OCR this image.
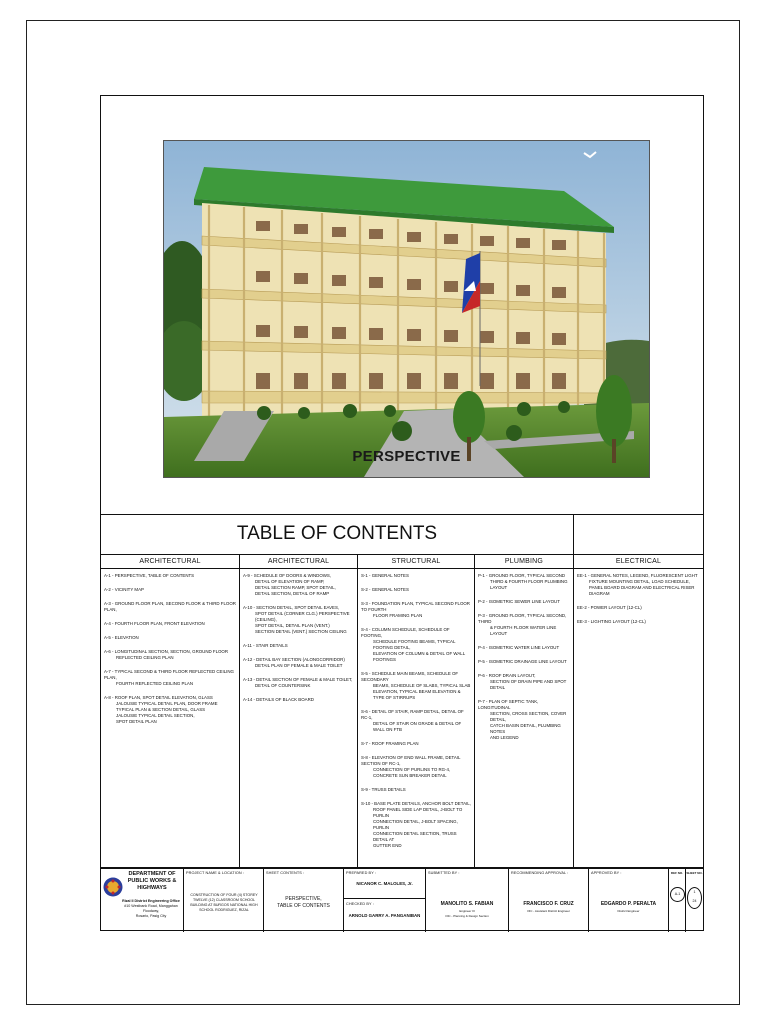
PERSPECTIVE
TABLE OF CONTENTS
ARCHITECTURAL
A-1 - PERSPECTIVE, TABLE OF CONTENTS
A-2 - VICINITY MAP
A-3 - GROUND FLOOR PLAN, SECOND FLOOR & THIRD FLOOR PLAN,
A-4 - FOURTH FLOOR PLAN, FRONT ELEVATION
A-5 - ELEVATION
A-6 - LONGITUDINAL SECTION, SECTION, GROUND FLOOR
REFLECTED CEILING PLAN
A-7 - TYPICAL SECOND & THIRD FLOOR REFLECTED CEILING PLAN,
FOURTH REFLECTED CEILING PLAN
A-8 - ROOF PLAN, SPOT DETAIL ELEVATION, GLASS
JALOUSIE TYPICAL DETAIL PLAN, DOOR FRAME
TYPICAL PLAN & SECTION DETAIL, GLASS
JALOUSIE TYPICAL DETAIL SECTION,
SPOT DETAIL PLAN
ARCHITECTURAL
A-9 - SCHEDULE OF DOORS & WINDOWS,
DETAIL OF ELEVATION OF RAMP,
DETAIL SECTION RAMP, SPOT DETAIL,
DETAIL SECTION, DETAIL OF RAMP
A-10 - SECTION DETAIL, SPOT DETAIL EAVES,
SPOT DETAIL (CORNER CLG.) PERSPECTIVE (CEILING),
SPOT DETAIL, DETAIL PLAN (VENT.)
SECTION DETAIL (VENT.) SECTION CEILING
A-11 - STAIR DETAILS
A-12 - DETAIL BAY SECTION (ALONGCORRIDOR)
DETAIL PLAN OF FEMALE & MALE TOILET
A-13 - DETAIL SECTION OF FEMALE & MALE TOILET,
DETAIL OF COUNTERSINK
A-14 - DETAILS OF BLACK BOARD
STRUCTURAL
S-1 - GENERAL NOTES
S-2 - GENERAL NOTES
S-3 - FOUNDATION PLAN, TYPICAL SECOND FLOOR TO FOURTH
FLOOR FRAMING PLAN
S-4 - COLUMN SCHEDULE, SCHEDULE OF FOOTING,
SCHEDULE FOOTING BEAMS, TYPICAL FOOTING DETAIL,
ELEVATION OF COLUMN & DETAIL OF WALL FOOTINGS
S-5 - SCHEDULE MAIN BEAMS, SCHEDULE OF SECONDARY
BEAMS, SCHEDULE OF SLABS, TYPICAL SLAB
ELEVATION, TYPICAL BEAM ELEVATION & TYPE OF STIRRUPS
S-6 - DETAIL OF STAIR, RAMP DETAIL, DETAIL OF RC-1,
DETAIL OF STAIR ON GRADE & DETAIL OF WALL ON FTB
S-7 - ROOF FRAMING PLAN
S-8 - ELEVATION OF END WALL FRAME, DETAIL SECTION OF RC-1,
CONNECTION OF PURLINS TO RG-4,
CONCRETE SUN BREAKER DETAIL
S-9 - TRUSS DETAILS
S-10 - BASE PLATE DETAILS, ANCHOR BOLT DETAIL,
ROOF PANEL SIDE LAP DETAIL, J-BOLT TO PURLIN
CONNECTION DETAIL, J-BOLT SPACING, PURLIN
CONNECTION DETAIL SECTION, TRUSS DETAIL AT
GUTTER END
PLUMBING
P-1 - GROUND FLOOR, TYPICAL SECOND
THIRD & FOURTH FLOOR PLUMBING LAYOUT
P-2 - ISOMETRIC SEWER LINE LAYOUT
P-3 - GROUND FLOOR, TYPICAL SECOND, THIRD
& FOURTH FLOOR WATER LINE LAYOUT
P-4 - ISOMETRIC WATER LINE LAYOUT
P-5 - ISOMETRIC DRAINAGE LINE LAYOUT
P-6 - ROOF DRAIN LAYOUT,
SECTION OF DRAIN PIPE AND SPOT DETAIL
P-7 - PLAN OF SEPTIC TANK, LONGITUDINAL
SECTION, CROSS SECTION, COVER DETAIL,
CATCH BASIN DETAIL, PLUMBING NOTES
AND LEGEND
ELECTRICAL
EE-1 - GENERAL NOTES, LEGEND, FLUORESCENT LIGHT
FIXTURE MOUNTING DETAIL, LOAD SCHEDULE,
PANEL BOARD DIAGRAM AND ELECTRICAL RISER
DIAGRAM
EE-2 - POWER LAYOUT (12-CL)
EE-3 - LIGHTING LAYOUT (12-CL)
DEPARTMENT OF
PUBLIC WORKS & HIGHWAYS
Rizal II District Engineering Office
#10 Westbank Road, Manggahan Floodway,
Rosario, Pasig City
PROJECT NAME & LOCATION :
CONSTRUCTION OF FOUR (4) STOREY TWELVE (12) CLASSROOM SCHOOL BUILDING AT BURGOS NATIONAL HIGH SCHOOL RODRIGUEZ, RIZAL
SHEET CONTENTS :
PERSPECTIVE,
TABLE OF CONTENTS
PREPARED BY :
NICANOR C. MALOLES, Jr.
CHECKED BY :
ARNOLD GARRY A. PANGANIBAN
SUBMITTED BY :
MANOLITO S. FABIAN
Engineer III
OIC - Planning & Design Section
RECOMMENDING APPROVAL :
FRANCISCO F. CRUZ
OIC - Assistant District Engineer
APPROVED BY :
EDGARDO P. PERALTA
District Engineer
REF NO.
A-1
SHEET NO.
1
24
